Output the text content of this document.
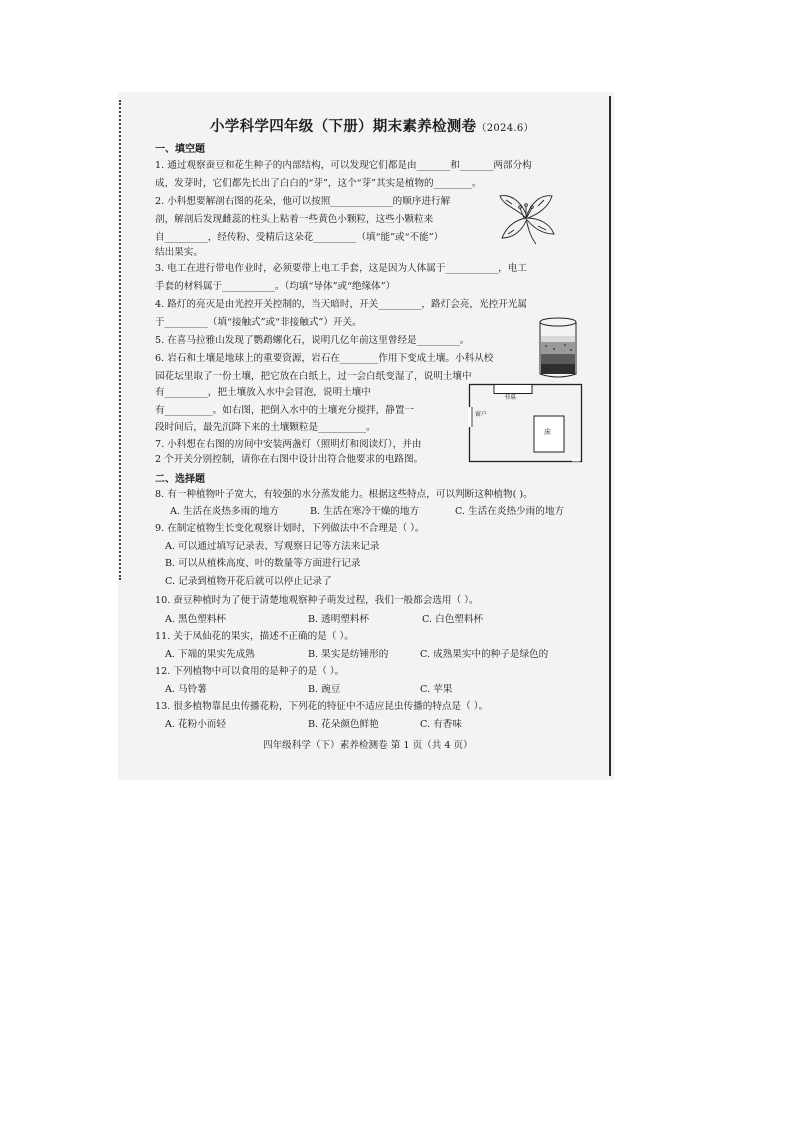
小学科学四年级（下册）期末素养检测卷（2024.6）
一、填空题
1. 通过观察蚕豆和花生种子的内部结构，可以发现它们都是由_______和_______两部分构
成，发芽时，它们都先长出了白白的“芽”，这个“芽”其实是植物的________。
2. 小科想要解剖右图的花朵，他可以按照_____________的顺序进行解
剖，解剖后发现雌蕊的柱头上粘着一些黄色小颗粒，这些小颗粒来
自_________，经传粉、受精后这朵花_________（填“能”或“不能”）
结出果实。
3. 电工在进行带电作业时，必须要带上电工手套，这是因为人体属于___________，电工
手套的材料属于___________。（均填“导体”或“绝缘体”）
4. 路灯的亮灭是由光控开关控制的，当天暗时，开关_________，路灯会亮，光控开光属
于_________（填“接触式”或“非接触式”）开关。
5. 在喜马拉雅山发现了鹦鹉螺化石，说明几亿年前这里曾经是_________。
6. 岩石和土壤是地球上的重要资源，岩石在________作用下变成土壤。小科从校
园花坛里取了一份土壤，把它放在白纸上，过一会白纸变湿了，说明土壤中
有_________，把土壤放入水中会冒泡，说明土壤中
有__________。如右图，把倒入水中的土壤充分搅拌，静置一
段时间后，最先沉降下来的土壤颗粒是__________。
7. 小科想在右图的房间中安装两盏灯（照明灯和阅读灯），并由
2 个开关分别控制，请你在右图中设计出符合他要求的电路图。
书桌
窗户
床
二、选择题
8. 有一种植物叶子宽大，有较强的水分蒸发能力。根据这些特点，可以判断这种植物( )。
A. 生活在炎热多雨的地方	B. 生活在寒冷干燥的地方	C. 生活在炎热少雨的地方
9. 在制定植物生长变化观察计划时，下列做法中不合理是（ ）。
A. 可以通过填写记录表、写观察日记等方法来记录
B. 可以从植株高度、叶的数量等方面进行记录
C. 记录到植物开花后就可以停止记录了
10. 蚕豆种植时为了便于清楚地观察种子萌发过程，我们一般都会选用（ ）。
A. 黑色塑料杯	B. 透明塑料杯	C. 白色塑料杯
11. 关于凤仙花的果实，描述不正确的是（ ）。
A. 下端的果实先成熟	B. 果实是纺锤形的	C. 成熟果实中的种子是绿色的
12. 下列植物中可以食用的是种子的是（ ）。
A. 马铃薯	B. 豌豆	C. 苹果
13. 很多植物靠昆虫传播花粉，下列花的特征中不适应昆虫传播的特点是（ ）。
A. 花粉小而轻	B. 花朵颜色鲜艳	C. 有香味
四年级科学（下）素养检测卷 第 1 页（共 4 页）
